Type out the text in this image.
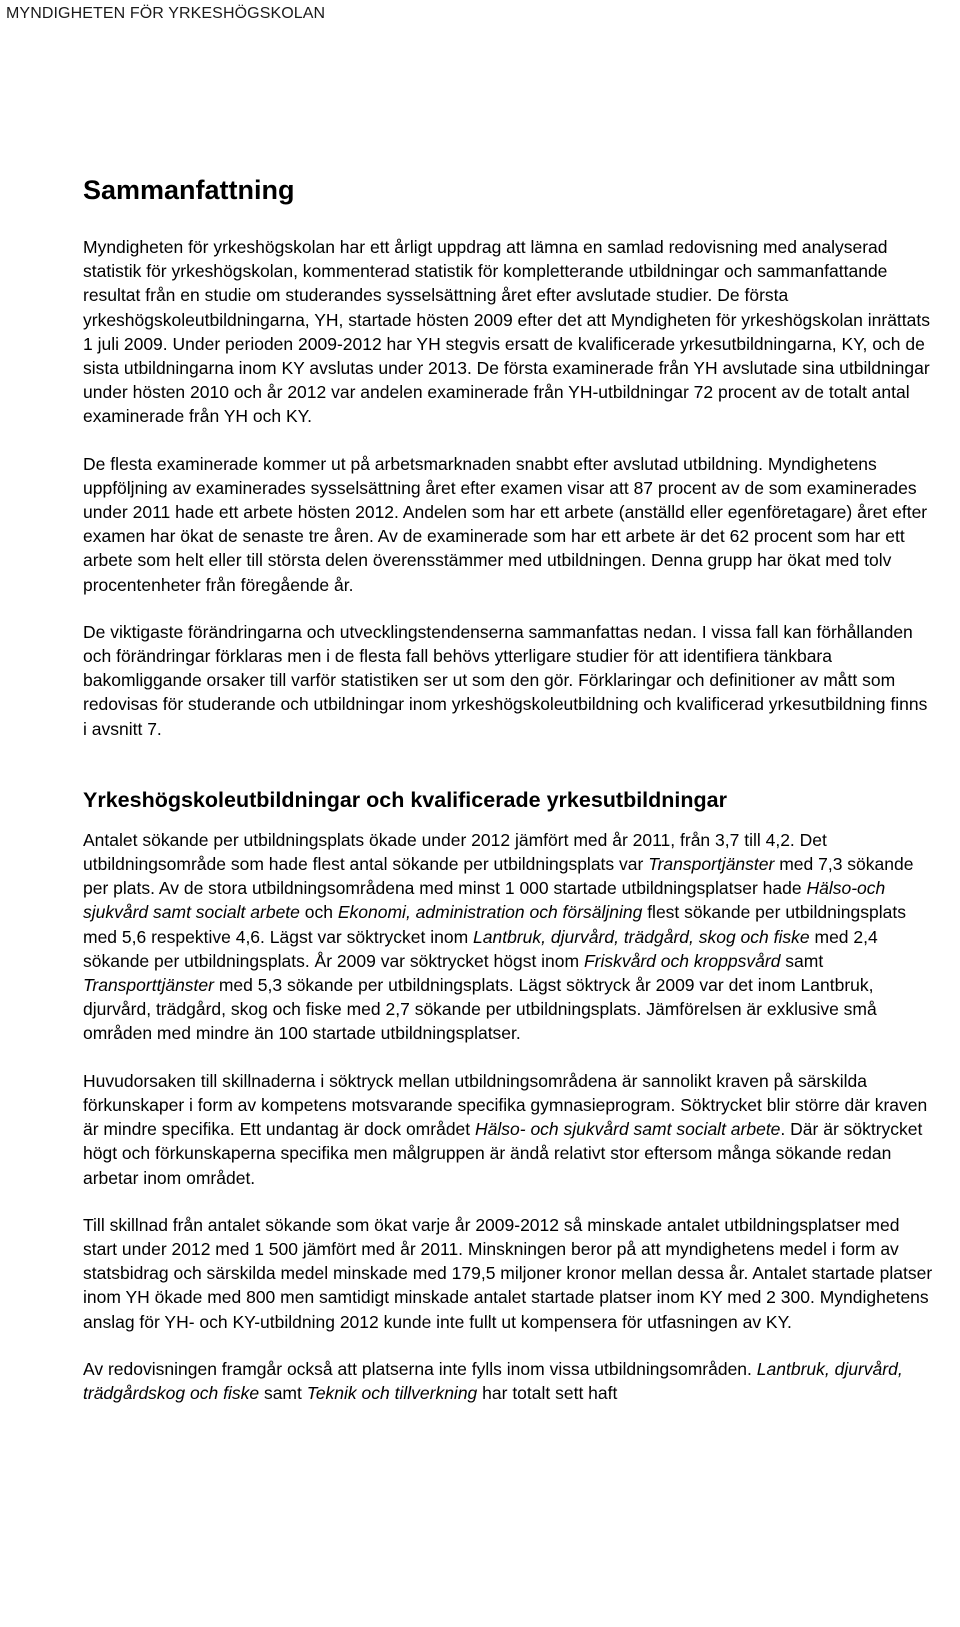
MYNDIGHETEN FÖR YRKESHÖGSKOLAN
Sammanfattning

Myndigheten för yrkeshögskolan har ett årligt uppdrag att lämna en samlad redovisning med analyserad statistik för yrkeshögskolan, kommenterad statistik för kompletterande utbildningar och sammanfattande resultat från en studie om studerandes sysselsättning året efter avslutade studier. De första yrkeshögskoleutbildningarna, YH, startade hösten 2009 efter det att Myndigheten för yrkeshögskolan inrättats 1 juli 2009. Under perioden 2009-2012 har YH stegvis ersatt de kvalificerade yrkesutbildningarna, KY, och de sista utbildningarna inom KY avslutas under 2013. De första examinerade från YH avslutade sina utbildningar under hösten 2010 och år 2012 var andelen examinerade från YH-utbildningar 72 procent av de totalt antal examinerade från YH och KY.

De flesta examinerade kommer ut på arbetsmarknaden snabbt efter avslutad utbildning. Myndighetens uppföljning av examinerades sysselsättning året efter examen visar att 87 procent av de som examinerades under 2011 hade ett arbete hösten 2012. Andelen som har ett arbete (anställd eller egenföretagare) året efter examen har ökat de senaste tre åren. Av de examinerade som har ett arbete är det 62 procent som har ett arbete som helt eller till största delen överensstämmer med utbildningen. Denna grupp har ökat med tolv procentenheter från föregående år.

De viktigaste förändringarna och utvecklingstendenserna sammanfattas nedan. I vissa fall kan förhållanden och förändringar förklaras men i de flesta fall behövs ytterligare studier för att identifiera tänkbara bakomliggande orsaker till varför statistiken ser ut som den gör. Förklaringar och definitioner av mått som redovisas för studerande och utbildningar inom yrkeshögskoleutbildning och kvalificerad yrkesutbildning finns i avsnitt 7.

Yrkeshögskoleutbildningar och kvalificerade yrkesutbildningar

Antalet sökande per utbildningsplats ökade under 2012 jämfört med år 2011, från 3,7 till 4,2. Det utbildningsområde som hade flest antal sökande per utbildningsplats var Transportjänster med 7,3 sökande per plats. Av de stora utbildningsområdena med minst 1 000 startade utbildningsplatser hade Hälso-och sjukvård samt socialt arbete och Ekonomi, administration och försäljning flest sökande per utbildningsplats med 5,6 respektive 4,6. Lägst var söktrycket inom Lantbruk, djurvård, trädgård, skog och fiske med 2,4 sökande per utbildningsplats. År 2009 var söktrycket högst inom Friskvård och kroppsvård samt Transporttjänster med 5,3 sökande per utbildningsplats. Lägst söktryck år 2009 var det inom Lantbruk, djurvård, trädgård, skog och fiske med 2,7 sökande per utbildningsplats. Jämförelsen är exklusive små områden med mindre än 100 startade utbildningsplatser.

Huvudorsaken till skillnaderna i söktryck mellan utbildningsområdena är sannolikt kraven på särskilda förkunskaper i form av kompetens motsvarande specifika gymnasieprogram. Söktrycket blir större där kraven är mindre specifika. Ett undantag är dock området Hälso- och sjukvård samt socialt arbete. Där är söktrycket högt och förkunskaperna specifika men målgruppen är ändå relativt stor eftersom många sökande redan arbetar inom området.

Till skillnad från antalet sökande som ökat varje år 2009-2012 så minskade antalet utbildningsplatser med start under 2012 med 1 500 jämfört med år 2011. Minskningen beror på att myndighetens medel i form av statsbidrag och särskilda medel minskade med 179,5 miljoner kronor mellan dessa år. Antalet startade platser inom YH ökade med 800 men samtidigt minskade antalet startade platser inom KY med 2 300. Myndighetens anslag för YH- och KY-utbildning 2012 kunde inte fullt ut kompensera för utfasningen av KY.

Av redovisningen framgår också att platserna inte fylls inom vissa utbildningsområden. Lantbruk, djurvård, trädgårdskog och fiske samt Teknik och tillverkning har totalt sett haft
